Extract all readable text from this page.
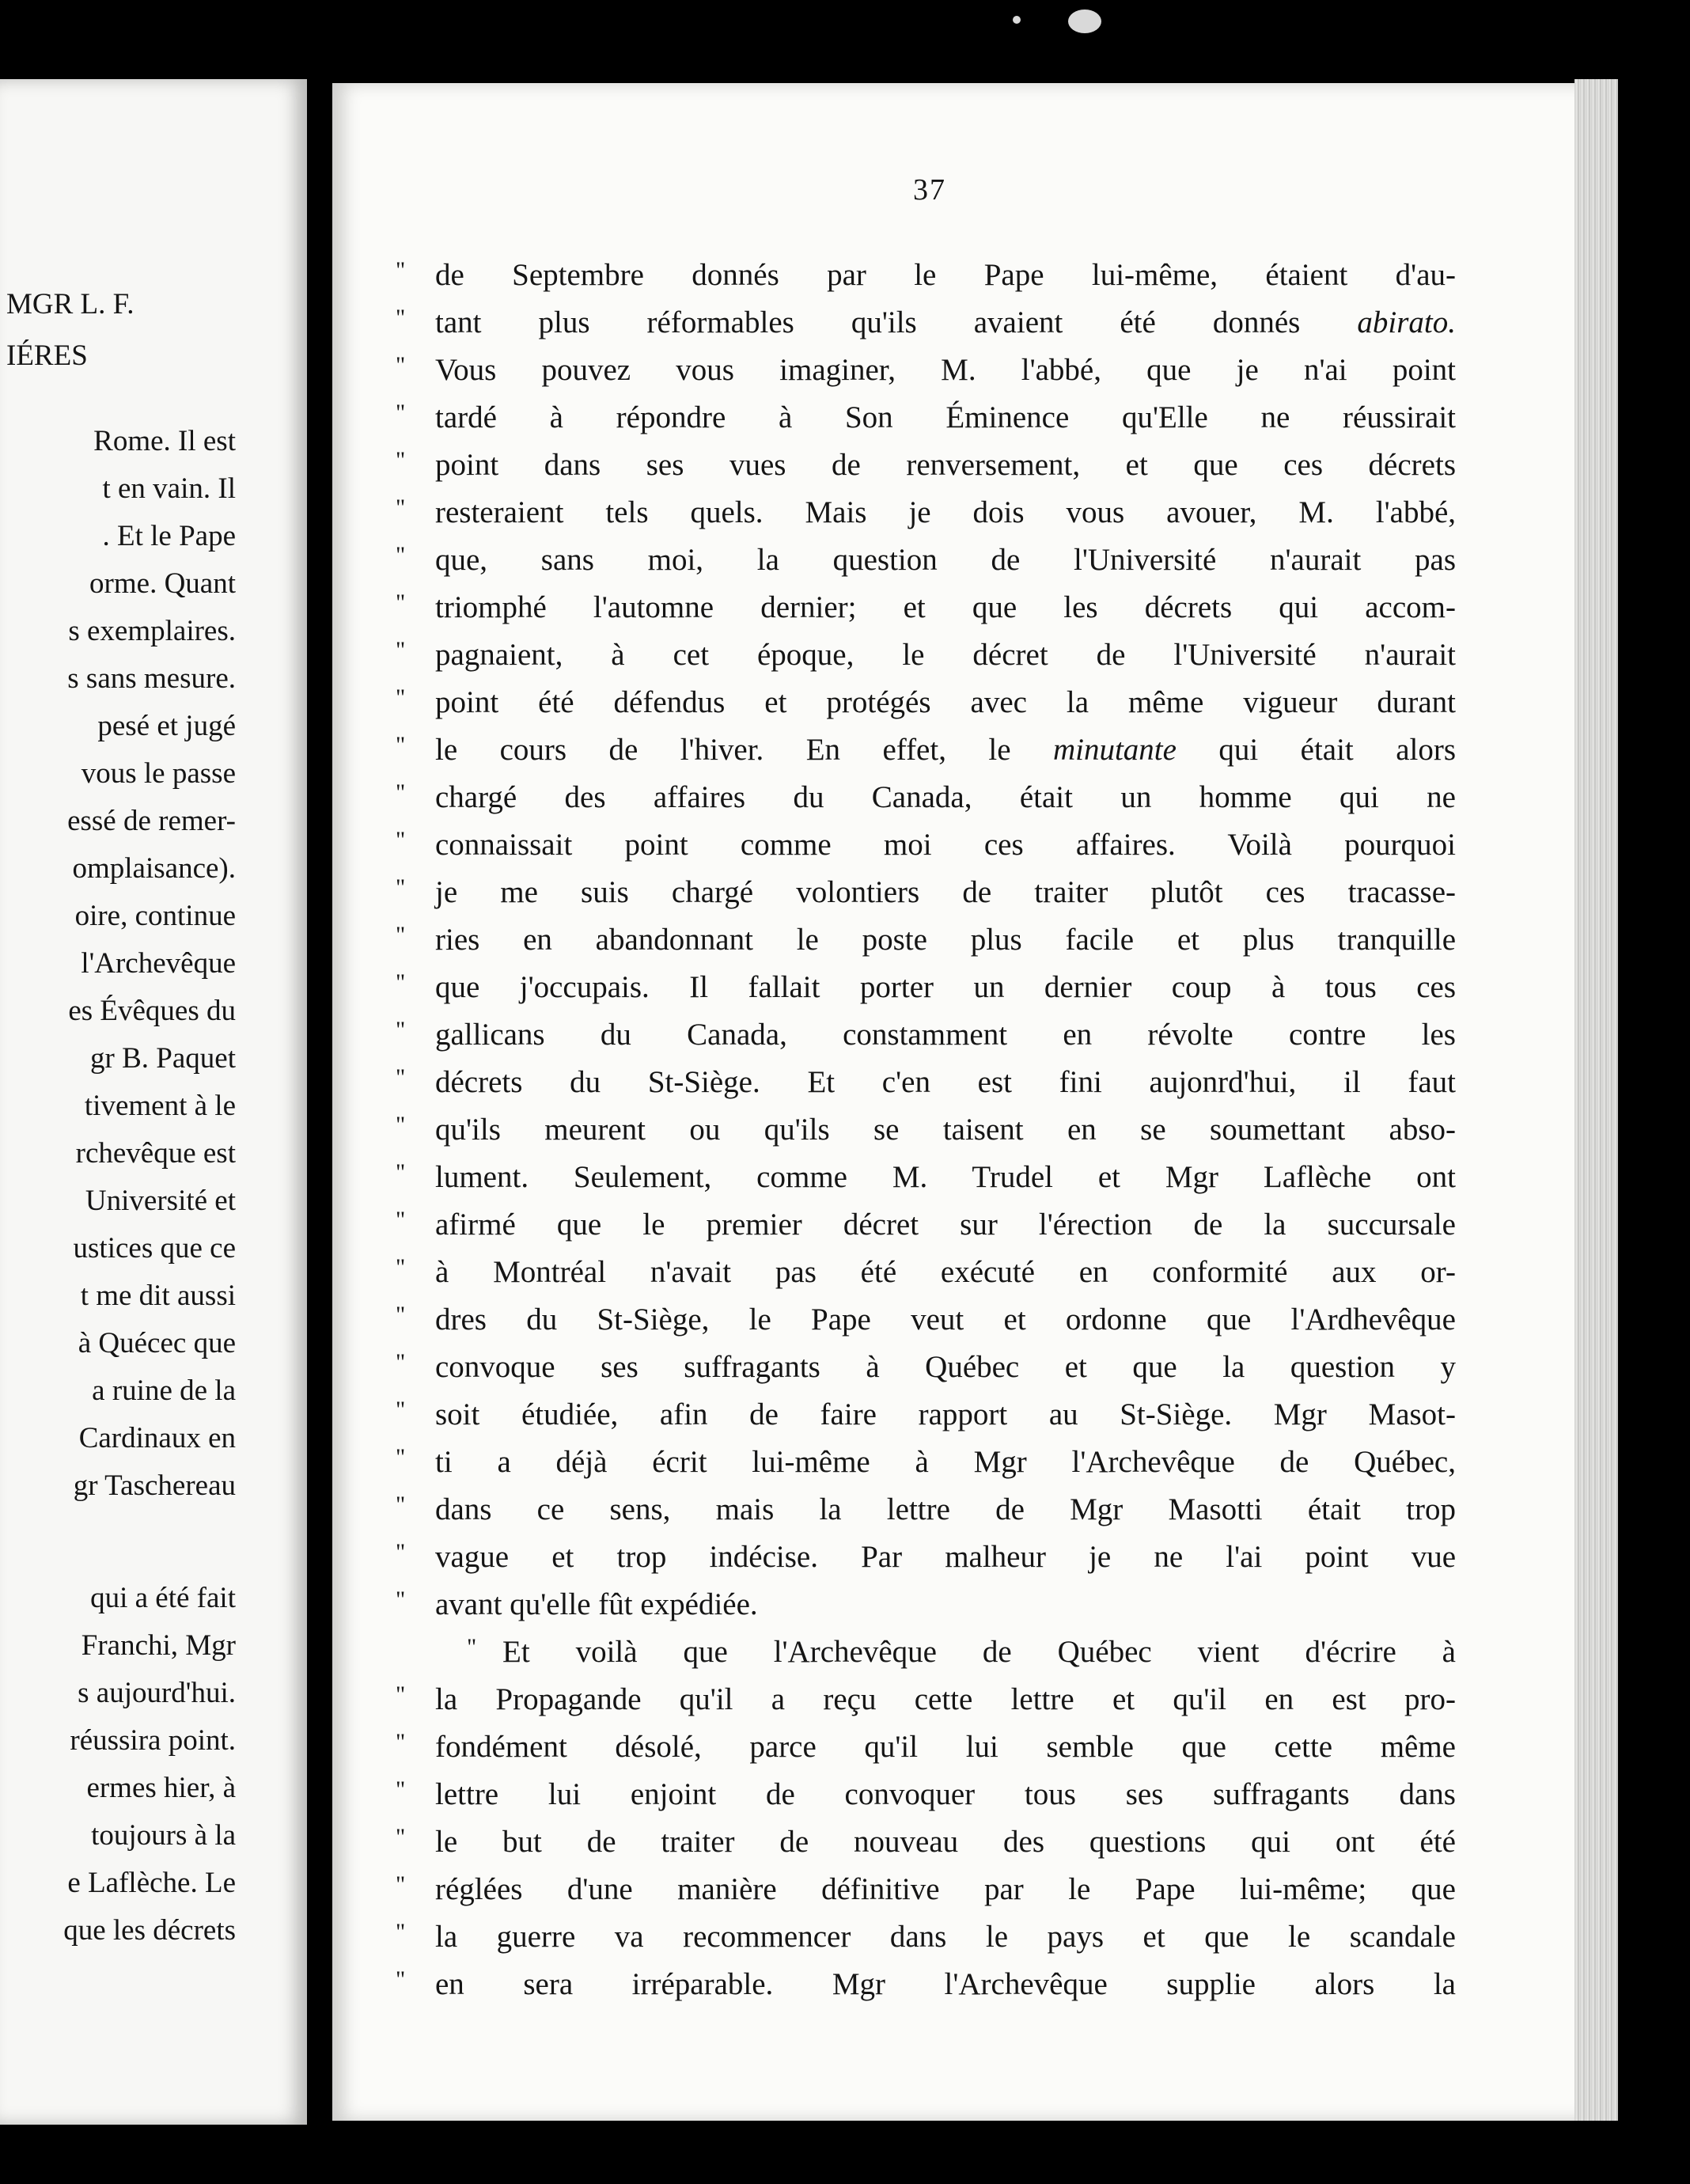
MGR L. F.
IÉRES
Rome. Il est
t en vain. Il
. Et le Pape
orme. Quant
s exemplaires.
s sans mesure.
pesé et jugé
vous le passe
essé de remer-
omplaisance).
oire, continue
l'Archevêque
es Évêques du
gr B. Paquet
tivement à le
rchevêque est
Université et
ustices que ce
t me dit aussi
à Quécec que
a ruine de la
Cardinaux en
gr Taschereau
qui a été fait
Franchi, Mgr
s aujourd'hui.
réussira point.
ermes hier, à
toujours à la
e Laflèche. Le
que les décrets
37
" de Septembre donnés par le Pape lui-même, étaient d'au-
" tant plus réformables qu'ils avaient été donnés abirato.
" Vous pouvez vous imaginer, M. l'abbé, que je n'ai point
" tardé à répondre à Son Éminence qu'Elle ne réussirait
" point dans ses vues de renversement, et que ces décrets
" resteraient tels quels. Mais je dois vous avouer, M. l'abbé,
" que, sans moi, la question de l'Université n'aurait pas
" triomphé l'automne dernier; et que les décrets qui accom-
" pagnaient, à cet époque, le décret de l'Université n'aurait
" point été défendus et protégés avec la même vigueur durant
" le cours de l'hiver. En effet, le minutante qui était alors
" chargé des affaires du Canada, était un homme qui ne
" connaissait point comme moi ces affaires. Voilà pourquoi
" je me suis chargé volontiers de traiter plutôt ces tracasse-
" ries en abandonnant le poste plus facile et plus tranquille
" que j'occupais. Il fallait porter un dernier coup à tous ces
" gallicans du Canada, constamment en révolte contre les
" décrets du St-Siège. Et c'en est fini aujonrd'hui, il faut
" qu'ils meurent ou qu'ils se taisent en se soumettant abso-
" lument. Seulement, comme M. Trudel et Mgr Laflèche ont
" afirmé que le premier décret sur l'érection de la succursale
" à Montréal n'avait pas été exécuté en conformité aux or-
" dres du St-Siège, le Pape veut et ordonne que l'Ardhevêque
" convoque ses suffragants à Québec et que la question y
" soit étudiée, afin de faire rapport au St-Siège. Mgr Masot-
" ti a déjà écrit lui-même à Mgr l'Archevêque de Québec,
" dans ce sens, mais la lettre de Mgr Masotti était trop
" vague et trop indécise. Par malheur je ne l'ai point vue
" avant qu'elle fût expédiée.
" Et voilà que l'Archevêque de Québec vient d'écrire à
" la Propagande qu'il a reçu cette lettre et qu'il en est pro-
" fondément désolé, parce qu'il lui semble que cette même
" lettre lui enjoint de convoquer tous ses suffragants dans
" le but de traiter de nouveau des questions qui ont été
" réglées d'une manière définitive par le Pape lui-même; que
" la guerre va recommencer dans le pays et que le scandale
" en sera irréparable. Mgr l'Archevêque supplie alors la
